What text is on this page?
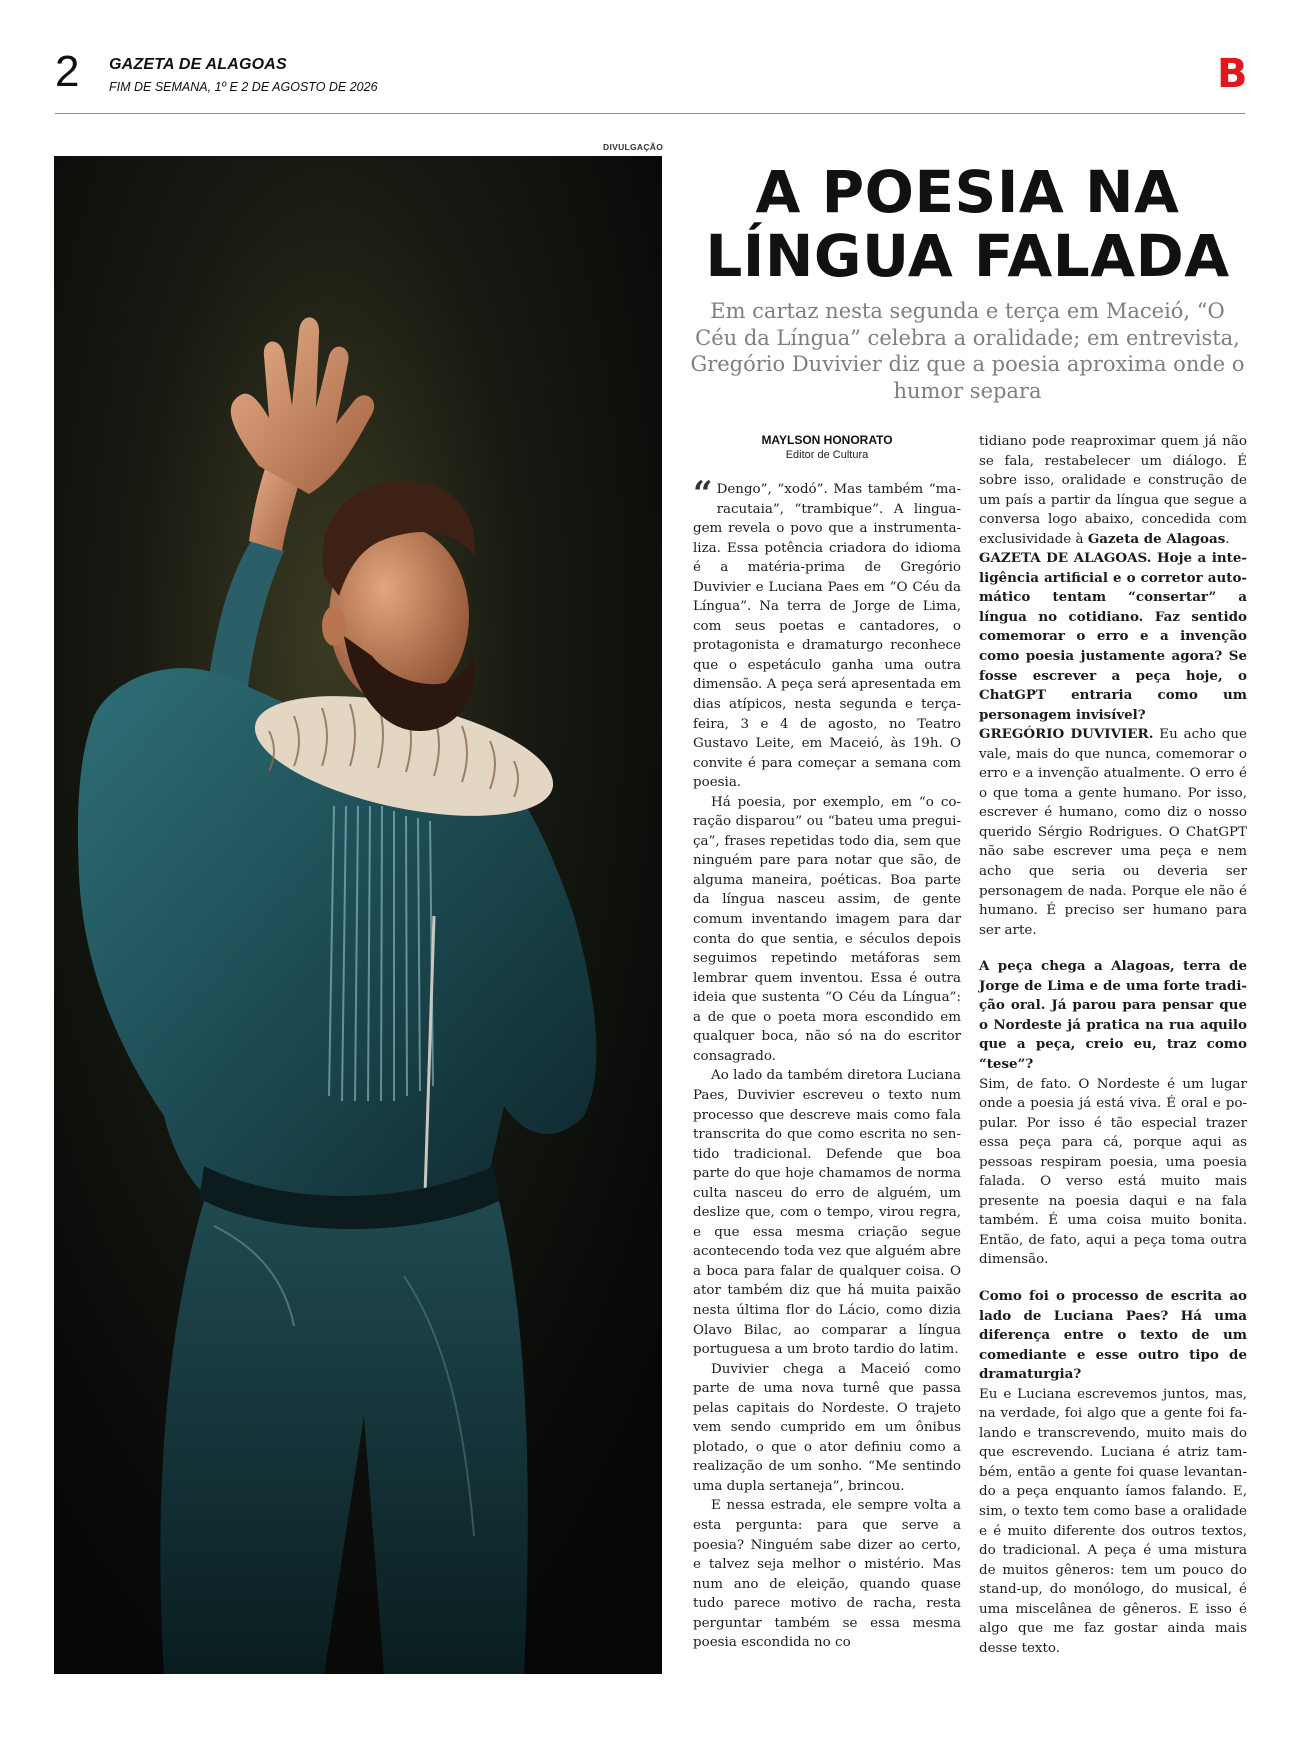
2 GAZETA DE ALAGOAS
FIM DE SEMANA, 1º E 2 DE AGOSTO DE 2026	B
DIVULGAÇÃO
A POESIA NA
LÍNGUA FALADA
Em cartaz nesta segunda e terça em Maceió, “O Céu da Língua” celebra a oralidade; em entrevista, Gregório Duvivier diz que a poesia aproxima onde o humor separa
MAYLSON HONORATO
Editor de Cultura

“ Dengo”, “xodó”. Mas também “maracutaia”, “trambique”. A linguagem revela o povo que a instrumentaliza. Essa potência criadora do idioma é a matéria-prima de Gregório Duvivier e Luciana Paes em “O Céu da Língua”. Na terra de Jorge de Lima, com seus poetas e cantadores, o protagonista e dramaturgo reconhece que o espetáculo ganha uma outra dimensão. A peça será apresentada em dias atípicos, nesta segunda e terça-feira, 3 e 4 de agosto, no Teatro Gustavo Leite, em Maceió, às 19h. O convite é para começar a semana com poesia.

Há poesia, por exemplo, em “o coração disparou” ou “bateu uma preguiça”, frases repetidas todo dia, sem que ninguém pare para notar que são, de alguma maneira, poéticas. Boa parte da língua nasceu assim, de gente comum inventando imagem para dar conta do que sentia, e séculos depois seguimos repetindo metáforas sem lembrar quem inventou. Essa é outra ideia que sustenta “O Céu da Língua”: a de que o poeta mora escondido em qualquer boca, não só na do escritor consagrado.

Ao lado da também diretora Luciana Paes, Duvivier escreveu o texto num processo que descreve mais como fala transcrita do que como escrita no sentido tradicional. Defende que boa parte do que hoje chamamos de norma culta nasceu do erro de alguém, um deslize que, com o tempo, virou regra, e que essa mesma criação segue acontecendo toda vez que alguém abre a boca para falar de qualquer coisa. O ator também diz que há muita paixão nesta última flor do Lácio, como dizia Olavo Bilac, ao comparar a língua portuguesa a um broto tardio do latim.

Duvivier chega a Maceió como parte de uma nova turnê que passa pelas capitais do Nordeste. O trajeto vem sendo cumprido em um ônibus plotado, o que o ator definiu como a realização de um sonho. “Me sentindo uma dupla sertaneja”, brincou.

E nessa estrada, ele sempre volta a esta pergunta: para que serve a poesia? Ninguém sabe dizer ao certo, e talvez seja melhor o mistério. Mas num ano de eleição, quando quase tudo parece motivo de racha, resta perguntar também se essa mesma poesia escondida no co

tidiano pode reaproximar quem já não se fala, restabelecer um diálogo. É sobre isso, oralidade e construção de um país a partir da língua que segue a conversa logo abaixo, concedida com exclusividade à Gazeta de Alagoas.

GAZETA DE ALAGOAS. Hoje a inteligência artificial e o corretor automático tentam “consertar” a língua no cotidiano. Faz sentido comemorar o erro e a invenção como poesia justamente agora? Se fosse escrever a peça hoje, o ChatGPT entraria como um personagem invisível?

GREGÓRIO DUVIVIER. Eu acho que vale, mais do que nunca, comemorar o erro e a invenção atualmente. O erro é o que toma a gente humano. Por isso, escrever é humano, como diz o nosso querido Sérgio Rodrigues. O ChatGPT não sabe escrever uma peça e nem acho que seria ou deveria ser personagem de nada. Porque ele não é humano. É preciso ser humano para ser arte.

A peça chega a Alagoas, terra de Jorge de Lima e de uma forte tradição oral. Já parou para pensar que o Nordeste já pratica na rua aquilo que a peça, creio eu, traz como “tese”?

Sim, de fato. O Nordeste é um lugar onde a poesia já está viva. É oral e popular. Por isso é tão especial trazer essa peça para cá, porque aqui as pessoas respiram poesia, uma poesia falada. O verso está muito mais presente na poesia daqui e na fala também. É uma coisa muito bonita. Então, de fato, aqui a peça toma outra dimensão.

Como foi o processo de escrita ao lado de Luciana Paes? Há uma diferença entre o texto de um comediante e esse outro tipo de dramaturgia?

Eu e Luciana escrevemos juntos, mas, na verdade, foi algo que a gente foi falando e transcrevendo, muito mais do que escrevendo. Luciana é atriz também, então a gente foi quase levantando a peça enquanto íamos falando. E, sim, o texto tem como base a oralidade e é muito diferente dos outros textos, do tradicional. A peça é uma mistura de muitos gêneros: tem um pouco do stand-up, do monólogo, do musical, é uma miscelânea de gêneros. E isso é algo que me faz gostar ainda mais desse texto.
